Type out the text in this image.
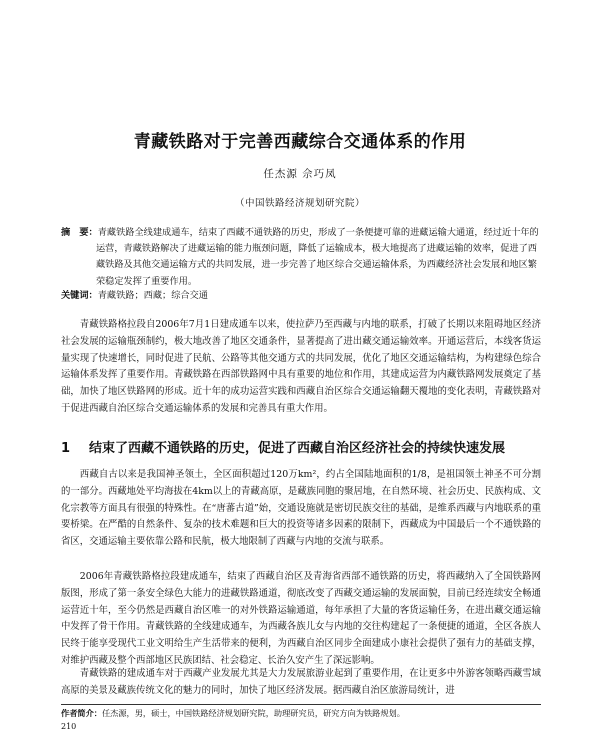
青藏铁路对于完善西藏综合交通体系的作用
任杰源 佘巧凤
（中国铁路经济规划研究院）
摘　要：青藏铁路全线建成通车，结束了西藏不通铁路的历史，形成了一条便捷可靠的进藏运输大通道，经过近十年的运营，青藏铁路解决了进藏运输的能力瓶颈问题，降低了运输成本，极大地提高了进藏运输的效率，促进了西藏铁路及其他交通运输方式的共同发展，进一步完善了地区综合交通运输体系，为西藏经济社会发展和地区繁荣稳定发挥了重要作用。
关键词：青藏铁路；西藏；综合交通

青藏铁路格拉段自2006年7月1日建成通车以来，使拉萨乃至西藏与内地的联系，打破了长期以来阻碍地区经济社会发展的运输瓶颈制约，极大地改善了地区交通条件，显著提高了进出藏交通运输效率。开通运营后，本线客货运量实现了快速增长，同时促进了民航、公路等其他交通方式的共同发展，优化了地区交通运输结构，为构建绿色综合运输体系发挥了重要作用。青藏铁路在西部铁路网中具有重要的地位和作用，其建成运营为内藏铁路网发展奠定了基础，加快了地区铁路网的形成。近十年的成功运营实践和西藏自治区综合交通运输翻天覆地的变化表明，青藏铁路对于促进西藏自治区综合交通运输体系的发展和完善具有重大作用。

1 结束了西藏不通铁路的历史，促进了西藏自治区经济社会的持续快速发展

西藏自古以来是我国神圣领土，全区面积超过120万km²，约占全国陆地面积的1/8，是祖国领土神圣不可分割的一部分。西藏地处平均海拔在4km以上的青藏高原，是藏族同胞的聚居地，在自然环境、社会历史、民族构成、文化宗教等方面具有很强的特殊性。在“唐蕃古道”始，交通设施就是密切民族交往的基础，是维系西藏与内地联系的重要桥梁。在严酷的自然条件、复杂的技术难题和巨大的投资等诸多因素的限制下，西藏成为中国最后一个不通铁路的省区，交通运输主要依靠公路和民航，极大地限制了西藏与内地的交流与联系。

2006年青藏铁路格拉段建成通车，结束了西藏自治区及青海省西部不通铁路的历史，将西藏纳入了全国铁路网版图，形成了第一条安全绿色大能力的进藏铁路通道，彻底改变了西藏交通运输的发展面貌，目前已经连续安全畅通运营近十年，至今仍然是西藏自治区唯一的对外铁路运输通道，每年承担了大量的客货运输任务，在进出藏交通运输中发挥了骨干作用。青藏铁路的全线建成通车，为西藏各族儿女与内地的交往构建起了一条便捷的通道，全区各族人民终于能享受现代工业文明给生产生活带来的便利，为西藏自治区同步全面建成小康社会提供了强有力的基础支撑，对维护西藏及整个西部地区民族团结、社会稳定、长治久安产生了深远影响。

青藏铁路的建成通车对于西藏产业发展尤其是大力发展旅游业起到了重要作用，在让更多中外游客领略西藏雪域高原的美景及藏族传统文化的魅力的同时，加快了地区经济发展。据西藏自治区旅游局统计，进

作者简介：任杰源，男，硕士，中国铁路经济规划研究院，助理研究员，研究方向为铁路规划。
210
